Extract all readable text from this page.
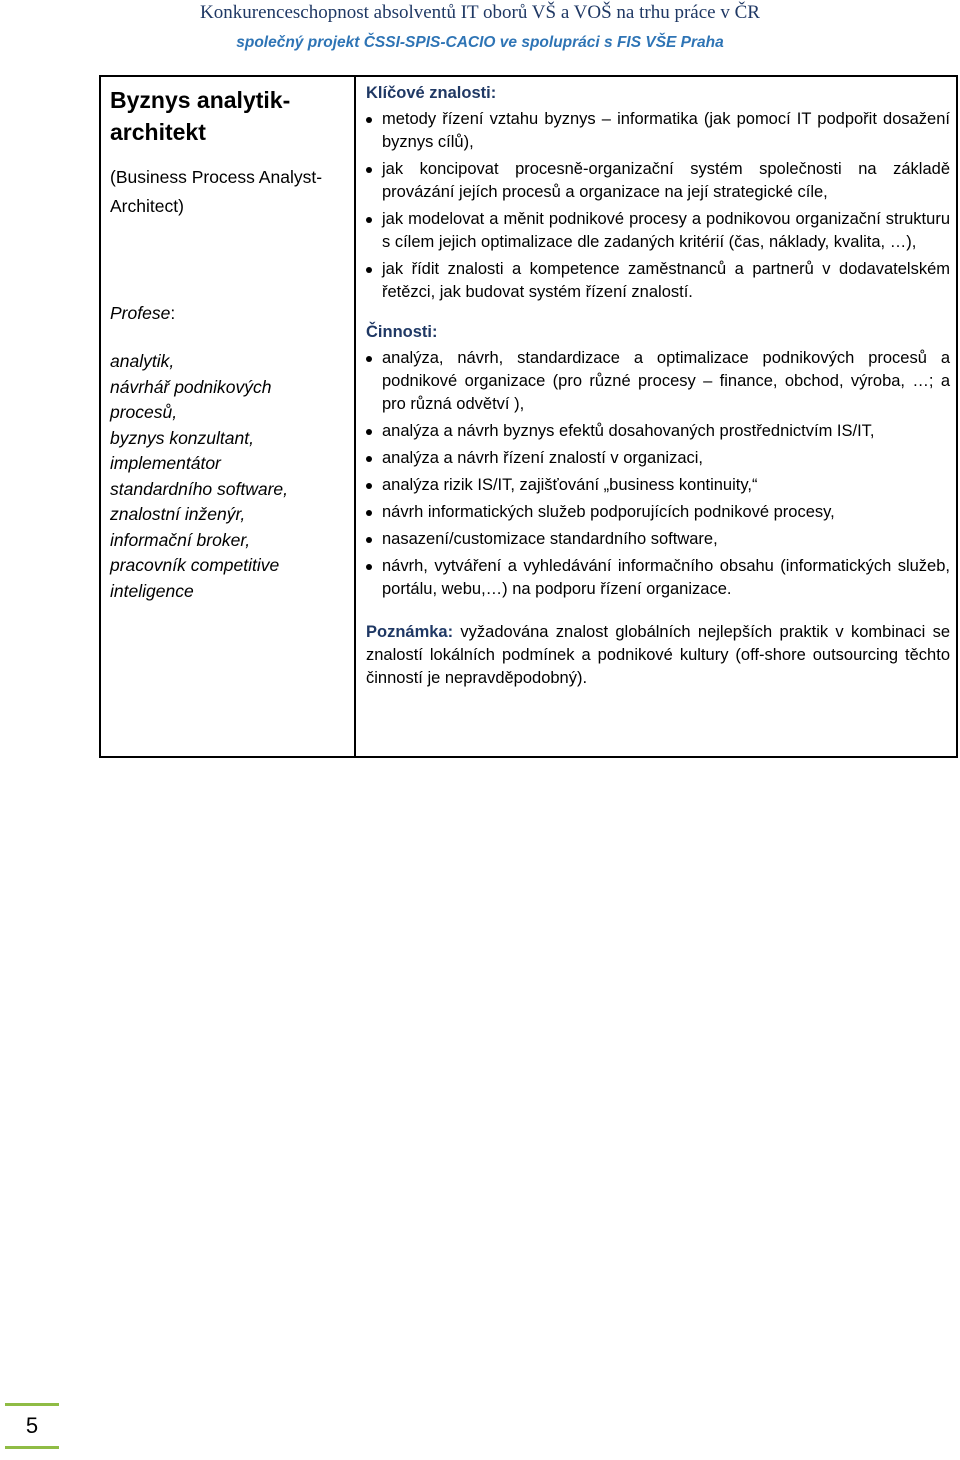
Konkurenceschopnost absolventů IT oborů VŠ a VOŠ na trhu práce v ČR
společný projekt ČSSI-SPIS-CACIO ve spolupráci s FIS VŠE Praha
Byznys analytik-
architekt
(Business Process Analyst-
Architect)
Profese:
analytik,
návrhář podnikových
procesů,
byznys konzultant,
implementátor
standardního software,
znalostní inženýr,
informační broker,
pracovník competitive
inteligence
Klíčové znalosti:
metody řízení vztahu byznys – informatika (jak pomocí IT podpořit dosažení byznys cílů),
jak koncipovat procesně-organizační systém společnosti na základě provázání jejích procesů a organizace na její strategické cíle,
jak modelovat a měnit podnikové procesy a podnikovou organizační strukturu s cílem jejich optimalizace dle zadaných kritérií (čas, náklady, kvalita, …),
jak řídit znalosti a kompetence zaměstnanců a partnerů v dodavatelském řetězci, jak budovat systém řízení znalostí.
Činnosti:
analýza, návrh, standardizace a optimalizace podnikových procesů a podnikové organizace (pro různé procesy – finance, obchod, výroba, …; a pro různá odvětví ),
analýza a návrh byznys efektů dosahovaných prostřednictvím IS/IT,
analýza a návrh řízení znalostí v organizaci,
analýza rizik IS/IT, zajišťování „business kontinuity,“
návrh informatických služeb podporujících podnikové procesy,
nasazení/customizace standardního software,
návrh, vytváření a vyhledávání informačního obsahu (informatických služeb, portálu, webu,…) na podporu řízení organizace.
Poznámka: vyžadována znalost globálních nejlepších praktik v kombinaci se znalostí lokálních podmínek a podnikové kultury (off-shore outsourcing těchto činností je nepravděpodobný).
5
